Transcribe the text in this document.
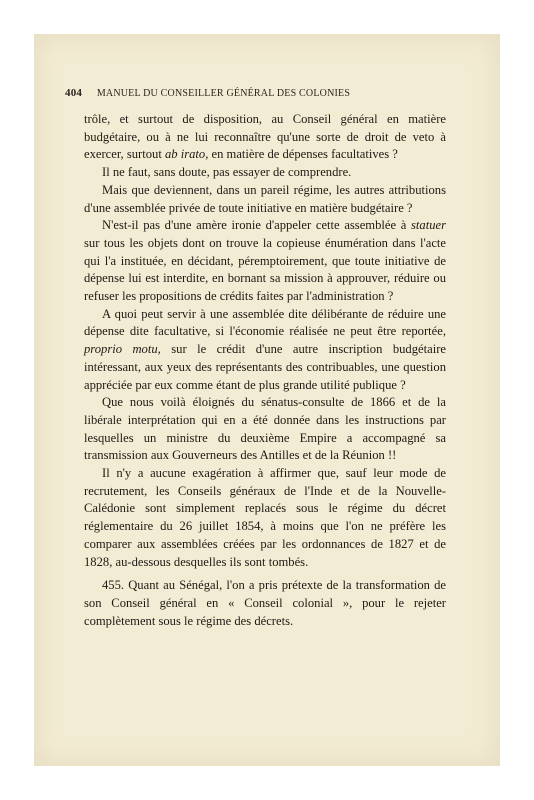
404 MANUEL DU CONSEILLER GÉNÉRAL DES COLONIES

trôle, et surtout de disposition, au Conseil général en matière budgétaire, ou à ne lui reconnaître qu'une sorte de droit de veto à exercer, surtout ab irato, en matière de dépenses facultatives ?

Il ne faut, sans doute, pas essayer de comprendre.

Mais que deviennent, dans un pareil régime, les autres attributions d'une assemblée privée de toute initiative en matière budgétaire ?

N'est-il pas d'une amère ironie d'appeler cette assemblée à statuer sur tous les objets dont on trouve la copieuse énumération dans l'acte qui l'a instituée, en décidant, péremptoirement, que toute initiative de dépense lui est interdite, en bornant sa mission à approuver, réduire ou refuser les propositions de crédits faites par l'administration ?

A quoi peut servir à une assemblée dite délibérante de réduire une dépense dite facultative, si l'économie réalisée ne peut être reportée, proprio motu, sur le crédit d'une autre inscription budgétaire intéressant, aux yeux des représentants des contribuables, une question appréciée par eux comme étant de plus grande utilité publique ?

Que nous voilà éloignés du sénatus-consulte de 1866 et de la libérale interprétation qui en a été donnée dans les instructions par lesquelles un ministre du deuxième Empire a accompagné sa transmission aux Gouverneurs des Antilles et de la Réunion !!

Il n'y a aucune exagération à affirmer que, sauf leur mode de recrutement, les Conseils généraux de l'Inde et de la Nouvelle-Calédonie sont simplement replacés sous le régime du décret réglementaire du 26 juillet 1854, à moins que l'on ne préfère les comparer aux assemblées créées par les ordonnances de 1827 et de 1828, au-dessous desquelles ils sont tombés.

455. Quant au Sénégal, l'on a pris prétexte de la transformation de son Conseil général en « Conseil colonial », pour le rejeter complètement sous le régime des décrets.
